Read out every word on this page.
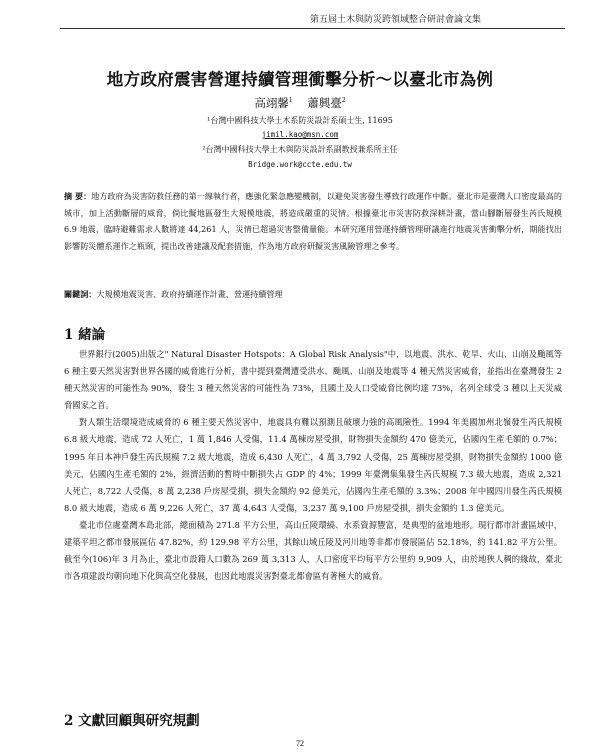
第五屆土木與防災跨領域整合研討會論文集
地方政府震害營運持續管理衝擊分析～以臺北市為例
高翊馨$^1$ 蕭興臺$^2$
¹台灣中國科技大學土木系防災設計系碩士生, 11695
jimil.kao@msn.com
²台灣中國科技大學土木與防災設計系副教授兼系所主任
Bridge.work@ccte.edu.tw
摘 要：地方政府為災害防救任務的第一線執行者，應強化緊急應變機制，以避免災害發生導致行政運作中斷。臺北市是臺灣人口密度最高的城市，加上活動斷層的威脅，倘比擬地區發生大規模地震，將造成嚴重的災情。根據臺北市災害防救深耕計畫，當山腳斷層發生芮氏規模 6.9 地震，臨時避難需求人數將達 44,261 人，災情已超過災害整備量能。本研究運用營運持續管理研議進行地震災害衝擊分析，期能找出影響防災體系運作之瓶頸，提出改善建議及配套措施，作為地方政府研擬災害風險管理之參考。
關鍵詞：大規模地震災害、政府持續運作計畫、營運持續管理
1 緒論

世界銀行(2005)出版之" Natural Disaster Hotspots：A Global Risk Analysis"中，以地震、洪水、乾旱、火山、山崩及颱風等 6 種主要天然災害對世界各國的威脅進行分析，書中提到臺灣遭受洪水、颱風、山崩及地震等 4 種天然災害威脅，並指出在臺灣發生 2 種天然災害的可能性為 90%，發生 3 種天然災害的可能性為 73%，且國土及人口受威脅比例均達 73%，名列全球受 3 種以上天災威脅國家之首。

對人類生活環境造成威脅的 6 種主要天然災害中，地震具有難以預測且破壞力強的高風險性。1994 年美國加州北嶺發生芮氏規模 6.8 級大地震，造成 72 人死亡，1 萬 1,846 人受傷，11.4 萬棟房屋受損，財物損失金額約 470 億美元，佔國內生產毛額的 0.7%；1995 年日本神戶發生芮氏規模 7.2 級大地震，造成 6,430 人死亡，4 萬 3,792 人受傷，25 萬棟房屋受損，財物損失金額約 1000 億美元，佔國內生產毛額的 2%，經濟活動的暫時中斷損失占 GDP 的 4%；1999 年臺灣集集發生芮氏規模 7.3 級大地震，造成 2,321 人死亡，8,722 人受傷，8 萬 2,238 戶房屋受損，損失金額約 92 億美元，佔國內生產毛額的 3.3%；2008 年中國四川發生芮氏規模 8.0 級大地震，造成 6 萬 9,226 人死亡，37 萬 4,643 人受傷，3,237 萬 9,100 戶房屋受損，損失金額約 1.3 億美元。

臺北市位處臺灣本島北部，總面積為 271.8 平方公里，高山丘陵環繞、水系資源豐富，是典型的盆地地形。現行都市計畫區域中，建築平坦之都市發展區佔 47.82%，約 129.98 平方公里，其餘山域丘陵及河川地等非都市發展區佔 52.18%，約 141.82 平方公里。截至今(106)年 3 月為止，臺北市設籍人口數為 269 萬 3,313 人，人口密度平均每平方公里約 9,909 人，由於地狹人稠的緣故，臺北市各項建設均朝向地下化與高空化發展，也因此地震災害對臺北都會區有著極大的威脅。

2 文獻回顧與研究規劃
72
